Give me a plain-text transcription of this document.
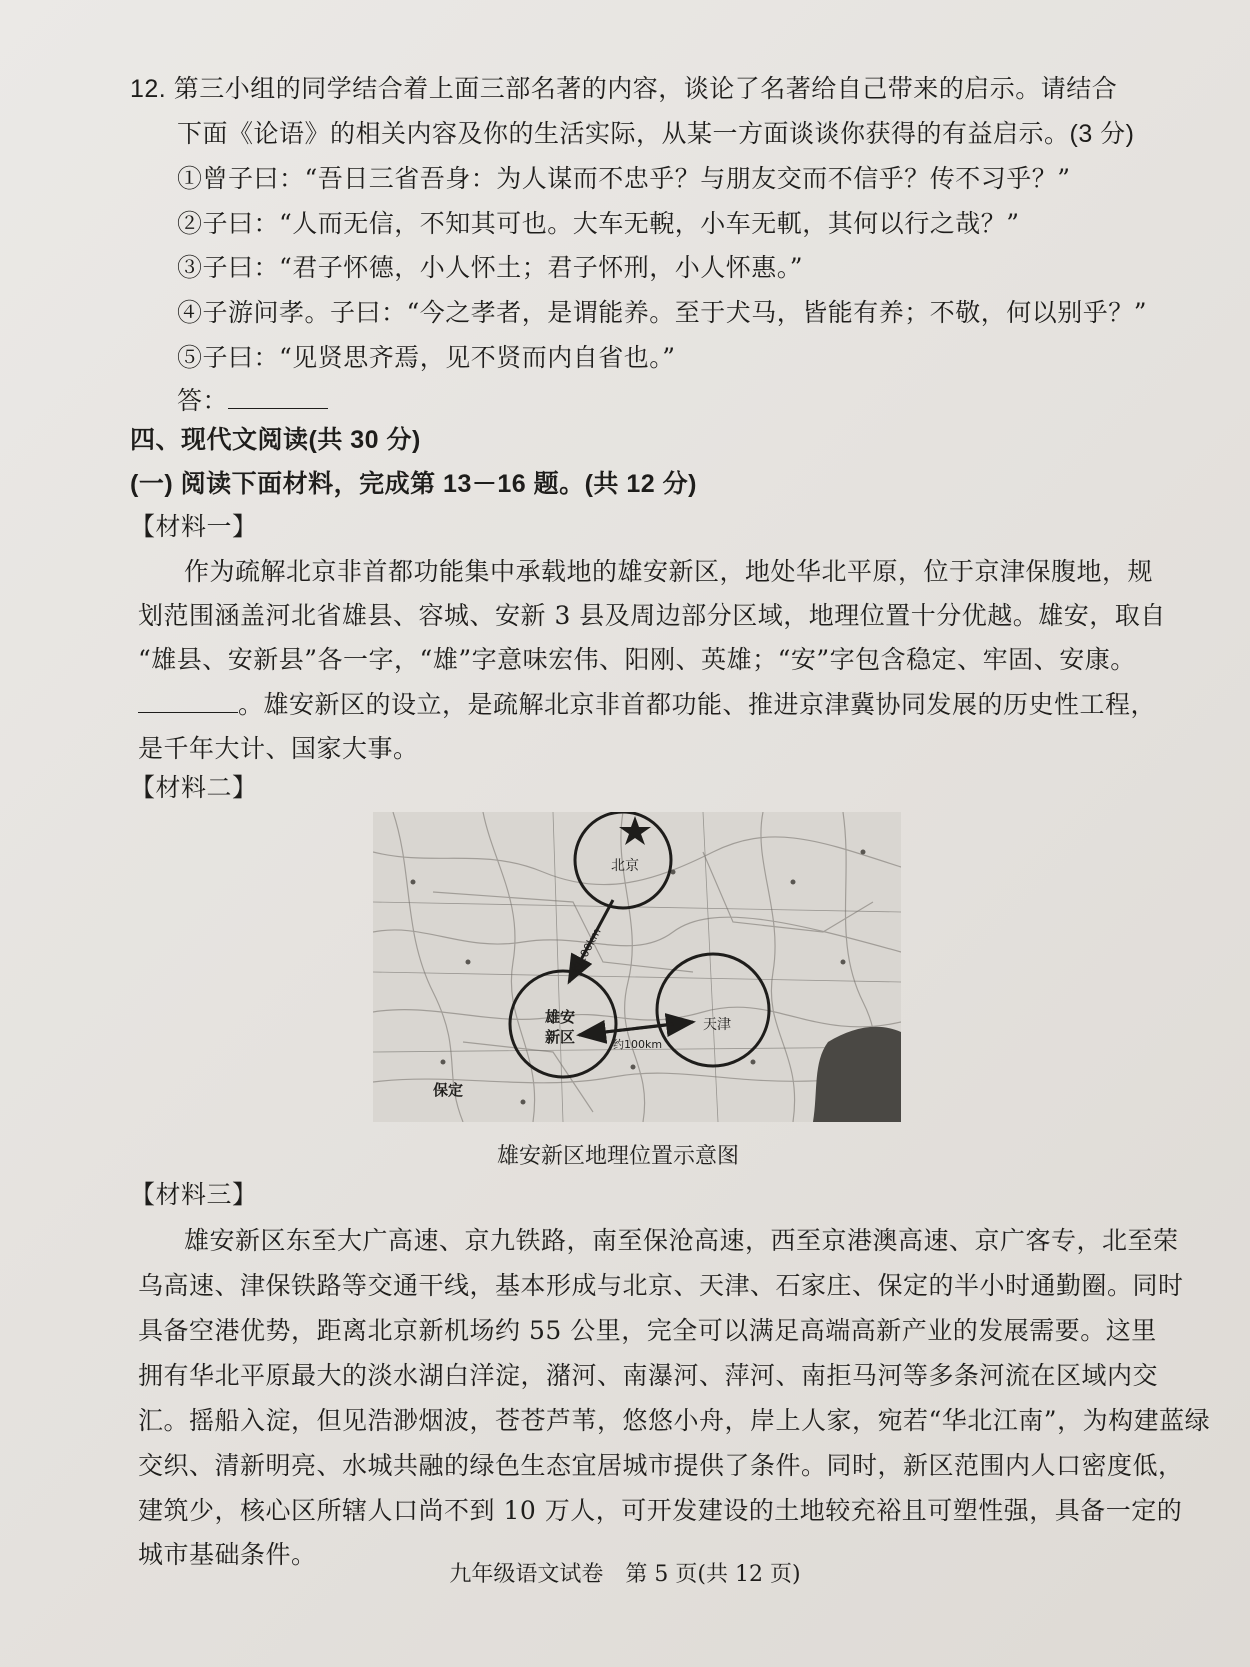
12. 第三小组的同学结合着上面三部名著的内容，谈论了名著给自己带来的启示。请结合
下面《论语》的相关内容及你的生活实际，从某一方面谈谈你获得的有益启示。(3 分)
①曾子曰：“吾日三省吾身：为人谋而不忠乎？与朋友交而不信乎？传不习乎？”
②子曰：“人而无信，不知其可也。大车无輗，小车无軏，其何以行之哉？”
③子曰：“君子怀德，小人怀土；君子怀刑，小人怀惠。”
④子游问孝。子曰：“今之孝者，是谓能养。至于犬马，皆能有养；不敬，何以别乎？”
⑤子曰：“见贤思齐焉，见不贤而内自省也。”
答：
四、现代文阅读(共 30 分)
(一) 阅读下面材料，完成第 13－16 题。(共 12 分)
【材料一】
作为疏解北京非首都功能集中承载地的雄安新区，地处华北平原，位于京津保腹地，规
划范围涵盖河北省雄县、容城、安新 3 县及周边部分区域，地理位置十分优越。雄安，取自
“雄县、安新县”各一字，“雄”字意味宏伟、阳刚、英雄；“安”字包含稳定、牢固、安康。
。雄安新区的设立，是疏解北京非首都功能、推进京津冀协同发展的历史性工程，
是千年大计、国家大事。
【材料二】
北京
雄安
新区
天津
保定
约100km
约100km
雄安新区地理位置示意图
【材料三】
雄安新区东至大广高速、京九铁路，南至保沧高速，西至京港澳高速、京广客专，北至荣
乌高速、津保铁路等交通干线，基本形成与北京、天津、石家庄、保定的半小时通勤圈。同时
具备空港优势，距离北京新机场约 55 公里，完全可以满足高端高新产业的发展需要。这里
拥有华北平原最大的淡水湖白洋淀，潴河、南瀑河、萍河、南拒马河等多条河流在区域内交
汇。摇船入淀，但见浩渺烟波，苍苍芦苇，悠悠小舟，岸上人家，宛若“华北江南”，为构建蓝绿
交织、清新明亮、水城共融的绿色生态宜居城市提供了条件。同时，新区范围内人口密度低，
建筑少，核心区所辖人口尚不到 10 万人，可开发建设的土地较充裕且可塑性强，具备一定的
城市基础条件。
九年级语文试卷　第 5 页(共 12 页)
